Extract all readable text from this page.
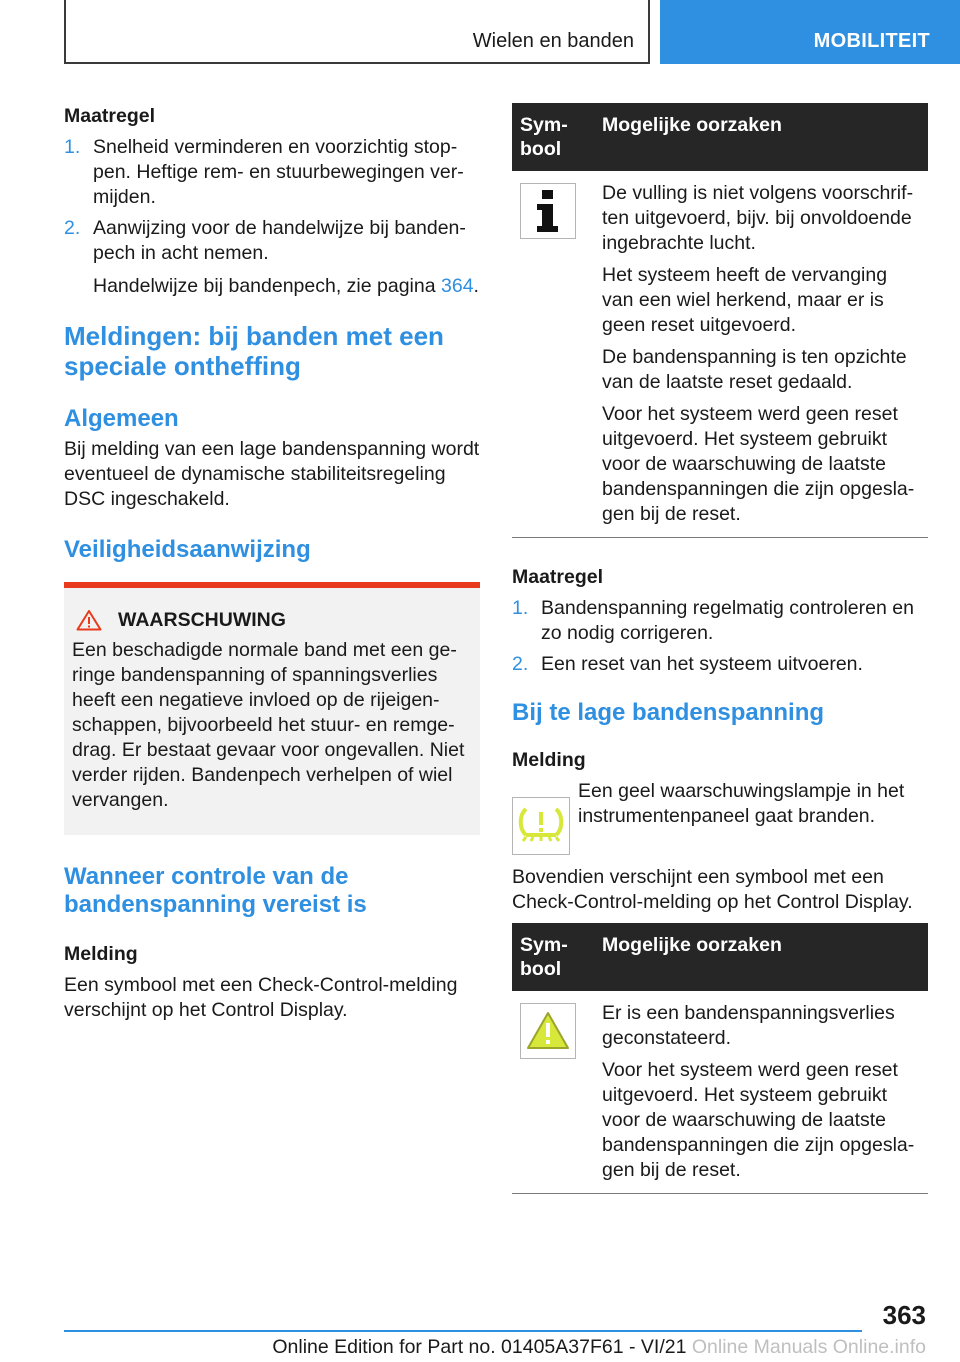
Wielen en banden	MOBILITEIT
Maatregel
1. Snelheid verminderen en voorzichtig stoppen. Heftige rem- en stuurbewegingen vermijden.
2. Aanwijzing voor de handelwijze bij bandenpech in acht nemen.

Handelwijze bij bandenpech, zie pagina 364.

Meldingen: bij banden met een speciale ontheffing
Algemeen

Bij melding van een lage bandenspanning wordt eventueel de dynamische stabiliteitsregeling DSC ingeschakeld.

Veiligheidsaanwijzing
WAARSCHUWING

Een beschadigde normale band met een geringe bandenspanning of spanningsverlies heeft een negatieve invloed op de rijeigenschappen, bijvoorbeeld het stuur- en remgedrag. Er bestaat gevaar voor ongevallen. Niet verder rijden. Bandenpech verhelpen of wiel vervangen.

Wanneer controle van de bandenspanning vereist is
Melding

Een symbool met een Check-Control-melding verschijnt op het Control Display.

Symbool
Mogelijke oorzaken

De vulling is niet volgens voorschriften uitgevoerd, bijv. bij onvoldoende ingebrachte lucht.

Het systeem heeft de vervanging van een wiel herkend, maar er is geen reset uitgevoerd.

De bandenspanning is ten opzichte van de laatste reset gedaald.

Voor het systeem werd geen reset uitgevoerd. Het systeem gebruikt voor de waarschuwing de laatste bandenspanningen die zijn opgeslagen bij de reset.

Maatregel
1. Bandenspanning regelmatig controleren en zo nodig corrigeren.
2. Een reset van het systeem uitvoeren.
Bij te lage bandenspanning
Melding

Een geel waarschuwingslampje in het instrumentenpaneel gaat branden.

Bovendien verschijnt een symbool met een Check-Control-melding op het Control Display.

Symbool
Mogelijke oorzaken

Er is een bandenspanningsverlies geconstateerd.

Voor het systeem werd geen reset uitgevoerd. Het systeem gebruikt voor de waarschuwing de laatste bandenspanningen die zijn opgeslagen bij de reset.

363
Online Edition for Part no. 01405A37F61 - VI/21 Online Manuals Online.info
